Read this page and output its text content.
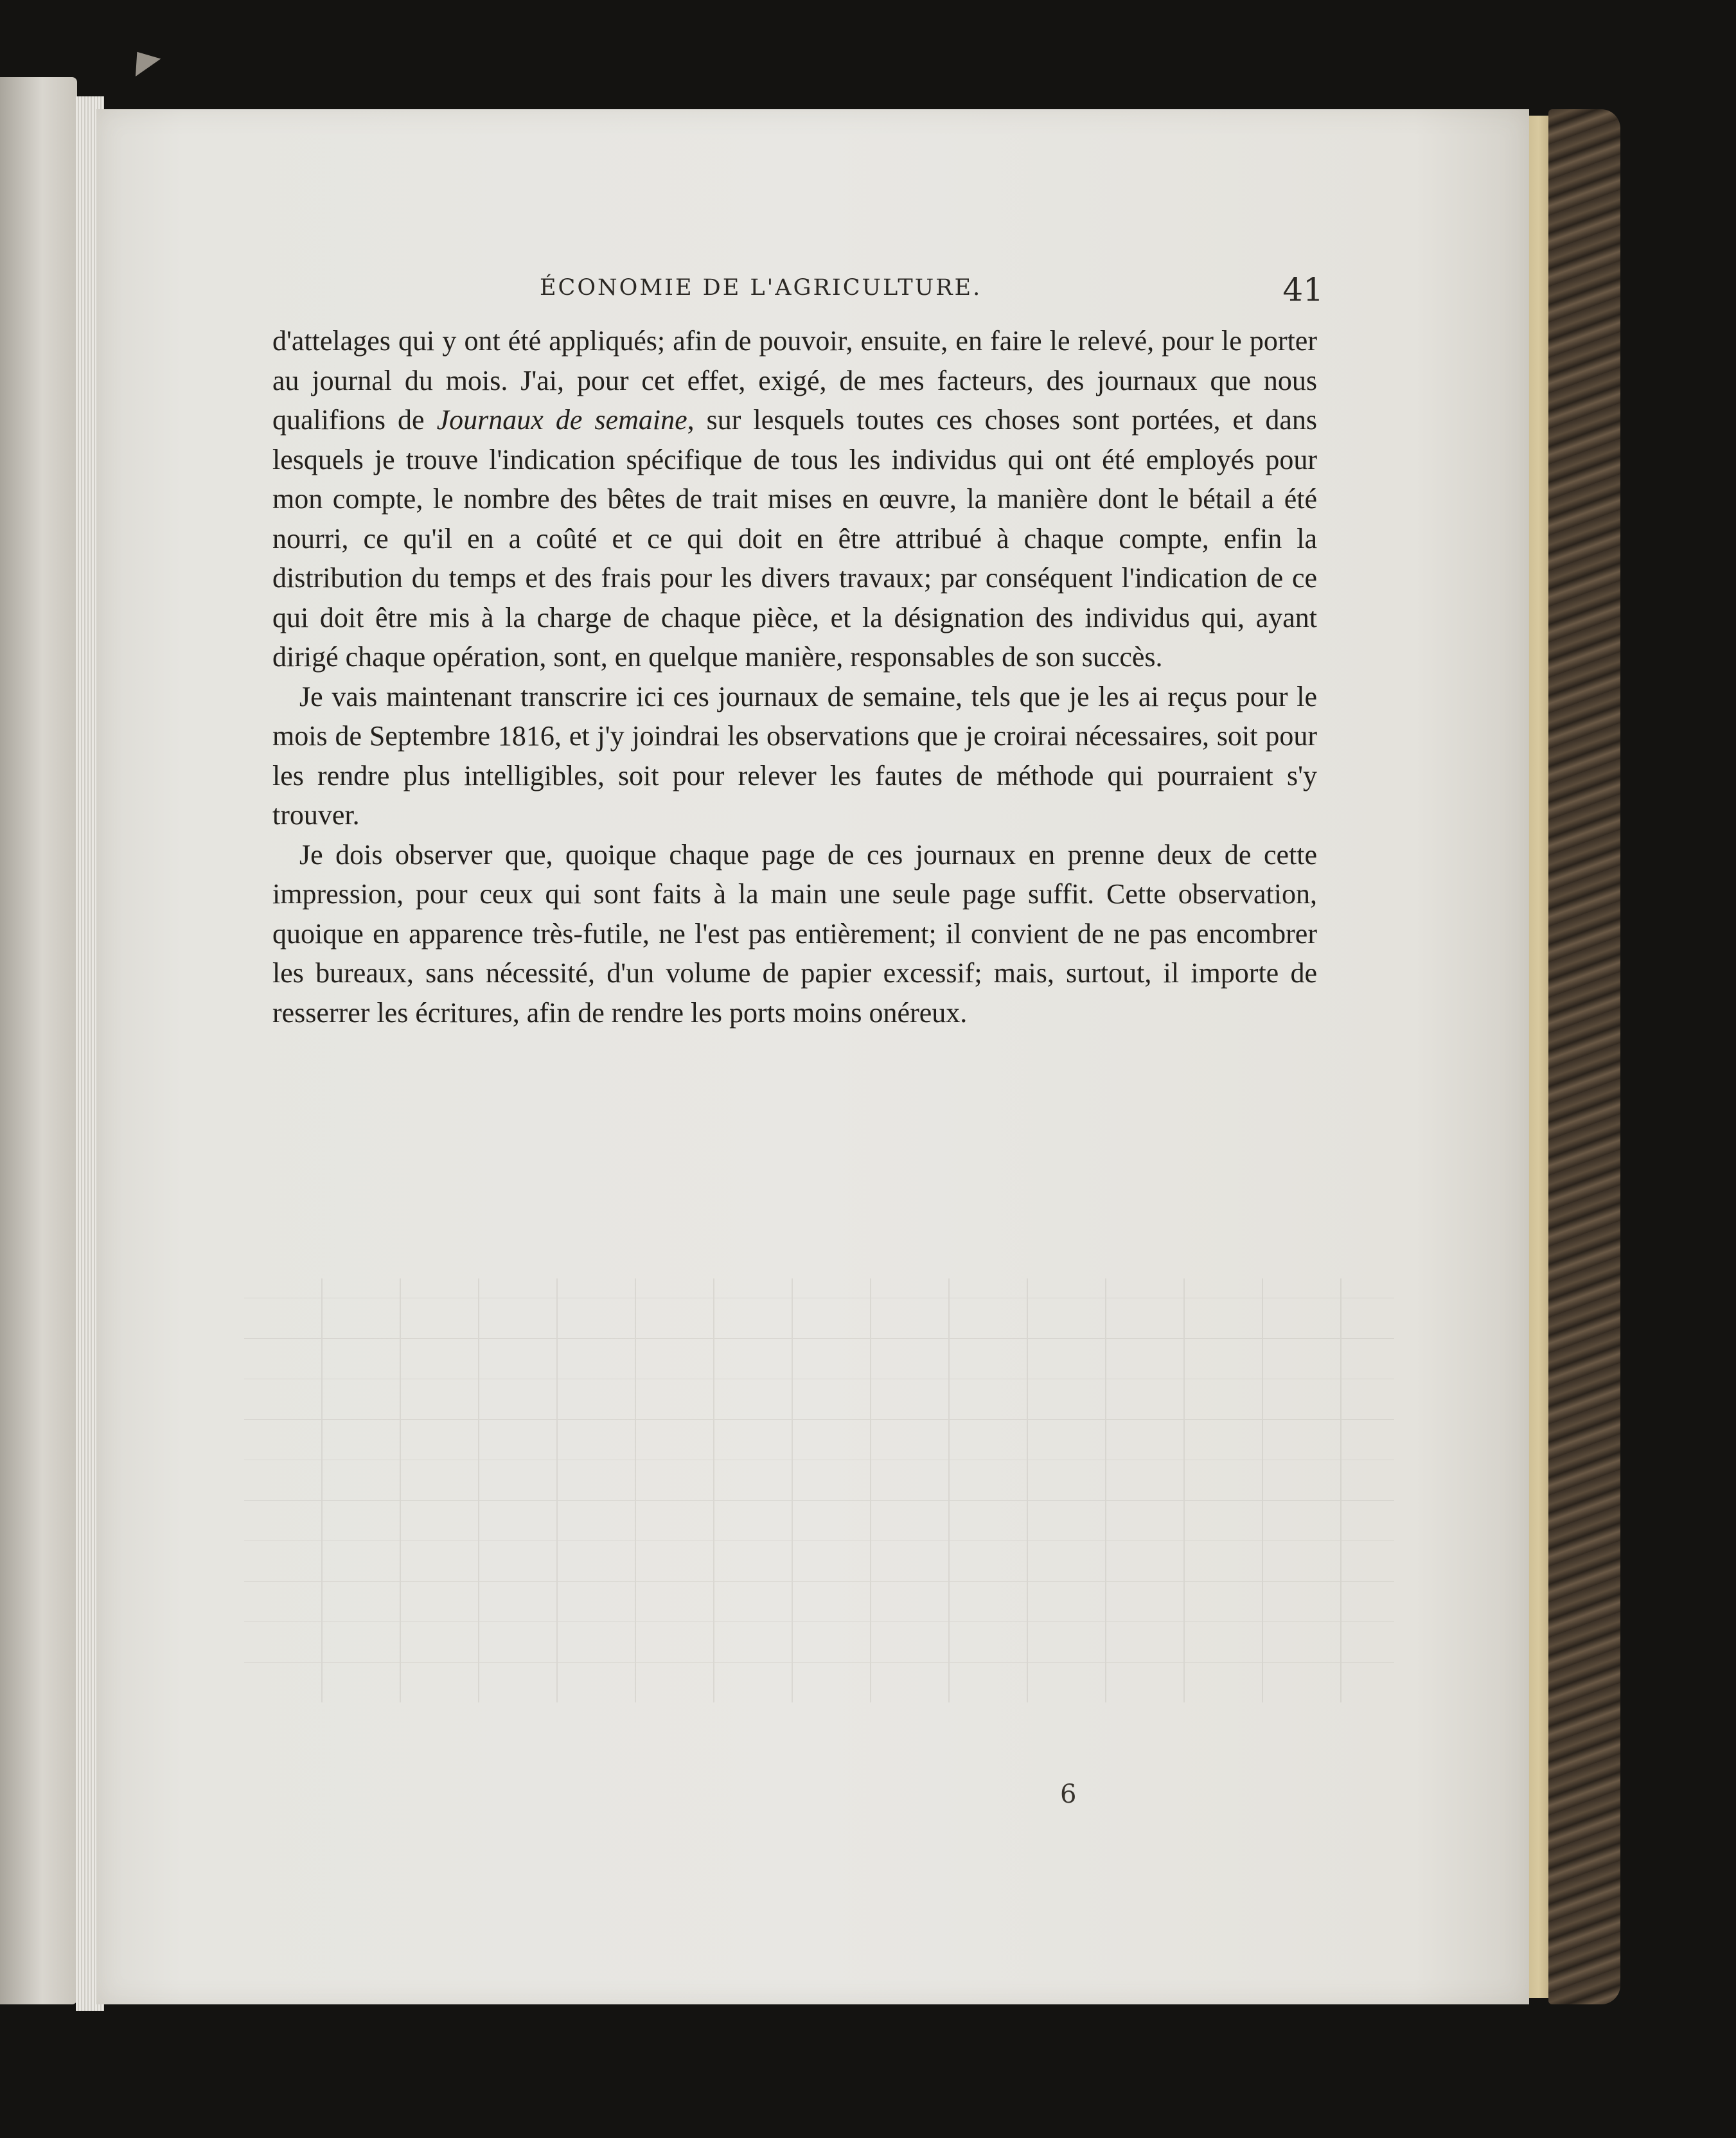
ÉCONOMIE DE L'AGRICULTURE.	41

d'attelages qui y ont été appliqués; afin de pouvoir, ensuite, en faire le relevé, pour le porter au journal du mois. J'ai, pour cet effet, exigé, de mes facteurs, des journaux que nous qualifions de Journaux de semaine, sur lesquels toutes ces choses sont portées, et dans lesquels je trouve l'indication spécifique de tous les individus qui ont été employés pour mon compte, le nombre des bêtes de trait mises en œuvre, la manière dont le bétail a été nourri, ce qu'il en a coûté et ce qui doit en être attribué à chaque compte, enfin la distribution du temps et des frais pour les divers travaux; par conséquent l'indication de ce qui doit être mis à la charge de chaque pièce, et la désignation des individus qui, ayant dirigé chaque opération, sont, en quelque manière, responsables de son succès.

Je vais maintenant transcrire ici ces journaux de semaine, tels que je les ai reçus pour le mois de Septembre 1816, et j'y joindrai les observations que je croirai nécessaires, soit pour les rendre plus intelligibles, soit pour relever les fautes de méthode qui pourraient s'y trouver.

Je dois observer que, quoique chaque page de ces journaux en prenne deux de cette impression, pour ceux qui sont faits à la main une seule page suffit. Cette observation, quoique en apparence très-futile, ne l'est pas entièrement; il convient de ne pas encombrer les bureaux, sans nécessité, d'un volume de papier excessif; mais, surtout, il importe de resserrer les écritures, afin de rendre les ports moins onéreux.

6
